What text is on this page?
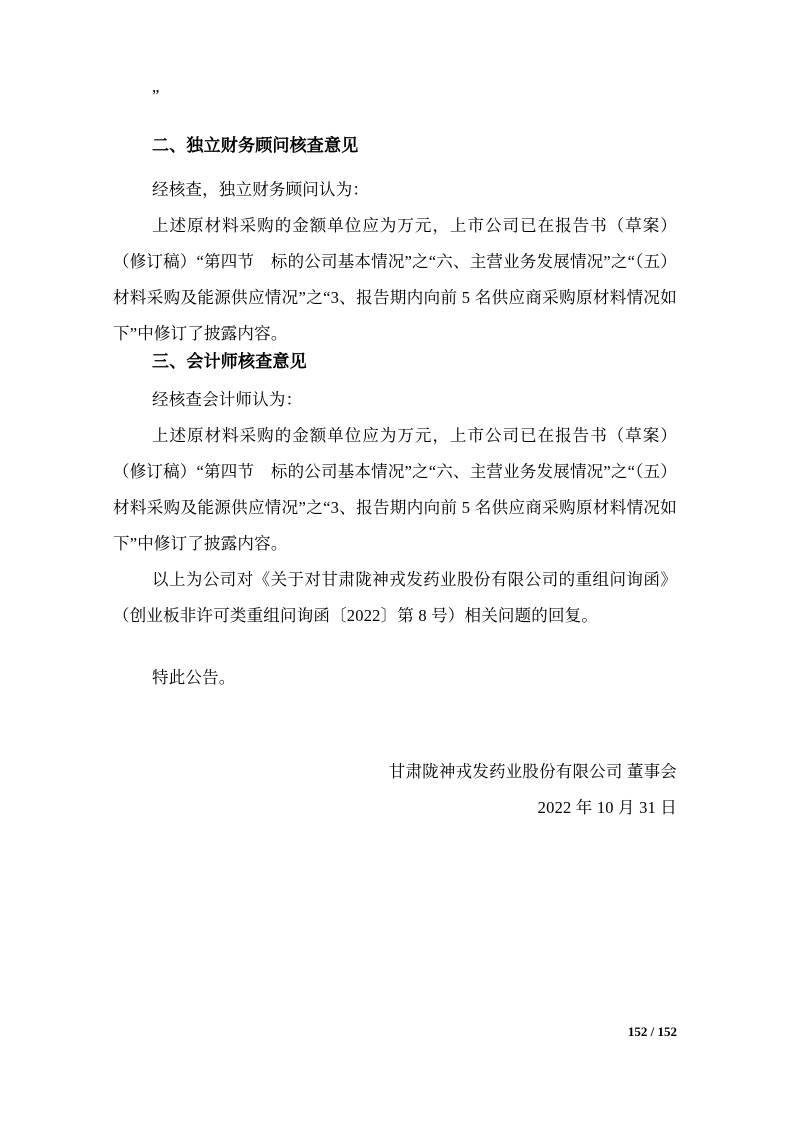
”

二、独立财务顾问核查意见

经核查，独立财务顾问认为：

上述原材料采购的金额单位应为万元，上市公司已在报告书（草案）（修订稿）“第四节　标的公司基本情况”之“六、主营业务发展情况”之“（五）材料采购及能源供应情况”之“3、报告期内向前 5 名供应商采购原材料情况如下”中修订了披露内容。

三、会计师核查意见

经核查会计师认为：

上述原材料采购的金额单位应为万元，上市公司已在报告书（草案）（修订稿）“第四节　标的公司基本情况”之“六、主营业务发展情况”之“（五）材料采购及能源供应情况”之“3、报告期内向前 5 名供应商采购原材料情况如下”中修订了披露内容。

以上为公司对《关于对甘肃陇神戎发药业股份有限公司的重组问询函》（创业板非许可类重组问询函〔2022〕第 8 号）相关问题的回复。

特此公告。

甘肃陇神戎发药业股份有限公司 董事会

2022 年 10 月 31 日

152 / 152
